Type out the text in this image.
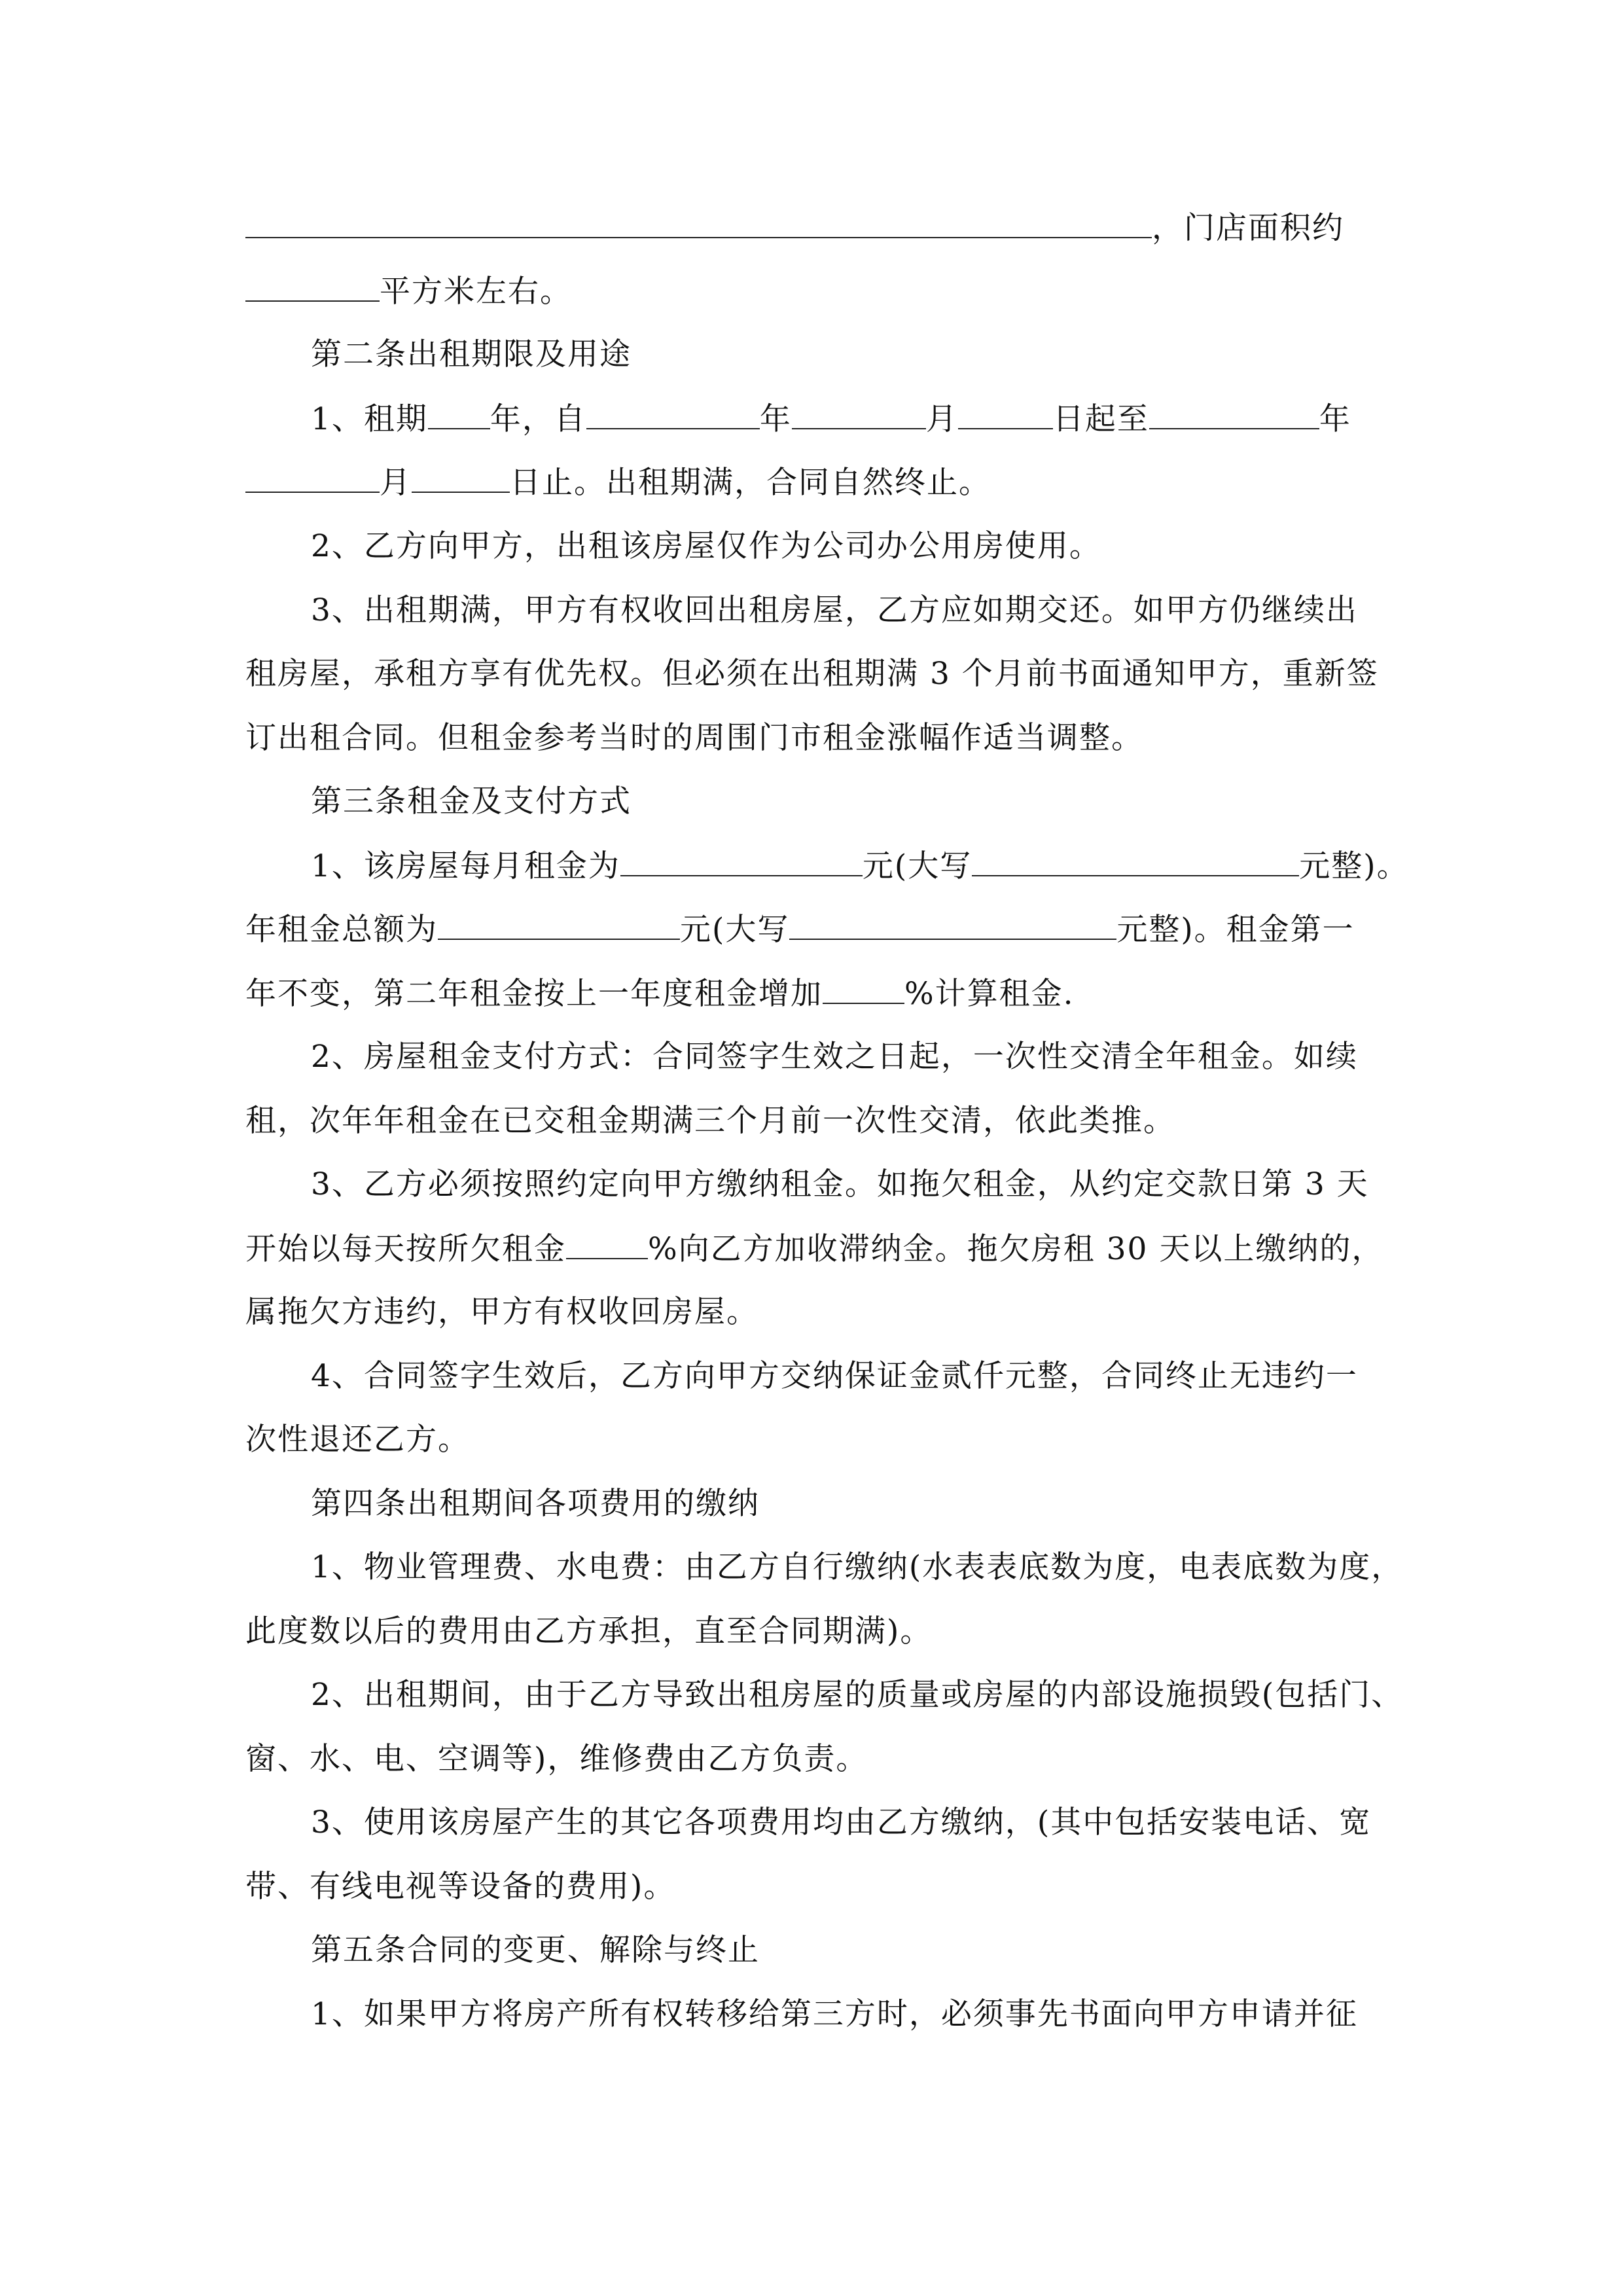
，门店面积约

平方米左右。

第二条出租期限及用途

1、租期 年，自	年	月	日起至	年

月	日止。出租期满，合同自然终止。

2、乙方向甲方，出租该房屋仅作为公司办公用房使用。

3、出租期满，甲方有权收回出租房屋，乙方应如期交还。如甲方仍继续出

租房屋，承租方享有优先权。但必须在出租期满 3 个月前书面通知甲方，重新签

订出租合同。但租金参考当时的周围门市租金涨幅作适当调整。

第三条租金及支付方式

1、该房屋每月租金为	元(大写	元整)。

年租金总额为	元(大写	元整)。租金第一

年不变，第二年租金按上一年度租金增加	%计算租金.

2、房屋租金支付方式：合同签字生效之日起，一次性交清全年租金。如续

租，次年年租金在已交租金期满三个月前一次性交清，依此类推。

3、乙方必须按照约定向甲方缴纳租金。如拖欠租金，从约定交款日第 3 天

开始以每天按所欠租金	%向乙方加收滞纳金。拖欠房租 30 天以上缴纳的，

属拖欠方违约，甲方有权收回房屋。

4、合同签字生效后，乙方向甲方交纳保证金贰仟元整，合同终止无违约一

次性退还乙方。

第四条出租期间各项费用的缴纳

1、物业管理费、水电费：由乙方自行缴纳(水表表底数为度，电表底数为度，

此度数以后的费用由乙方承担，直至合同期满)。

2、出租期间，由于乙方导致出租房屋的质量或房屋的内部设施损毁(包括门、

窗、水、电、空调等)，维修费由乙方负责。

3、使用该房屋产生的其它各项费用均由乙方缴纳，(其中包括安装电话、宽

带、有线电视等设备的费用)。

第五条合同的变更、解除与终止

1、如果甲方将房产所有权转移给第三方时，必须事先书面向甲方申请并征
